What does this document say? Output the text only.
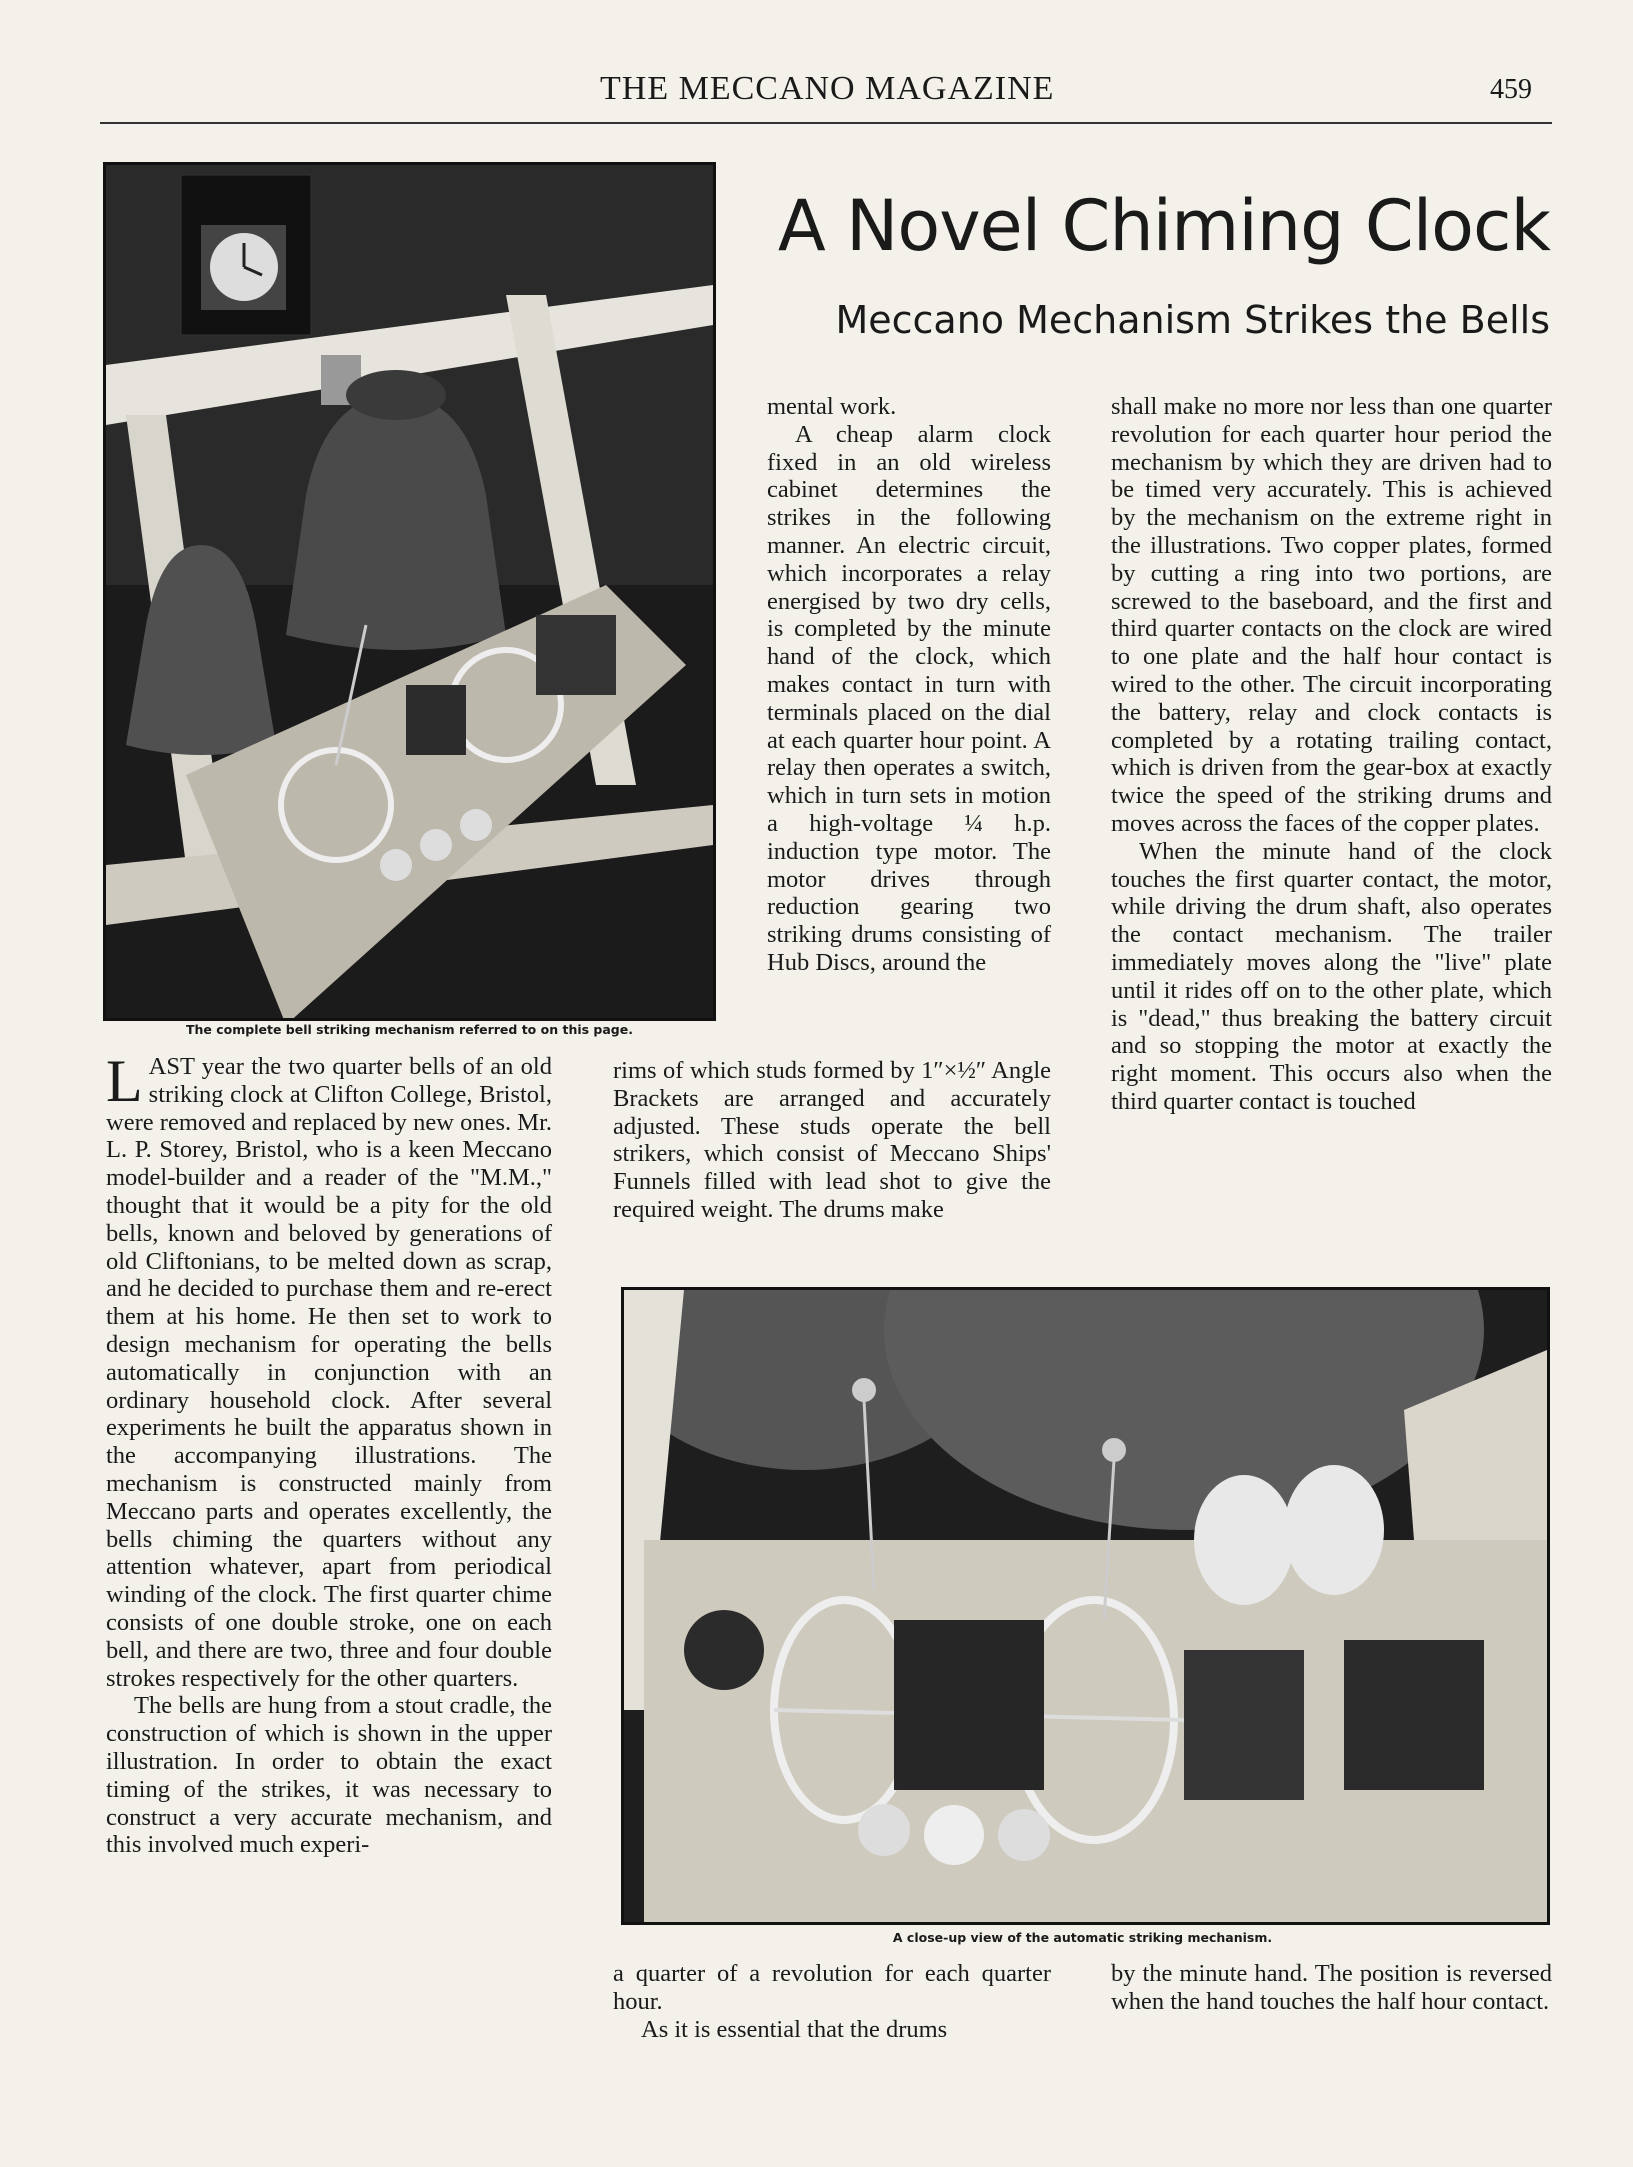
THE MECCANO MAGAZINE	459
A Novel Chiming Clock
Meccano Mechanism Strikes the Bells
The complete bell striking mechanism referred to on this page.

LAST year the two quarter bells of an old striking clock at Clifton College, Bristol, were removed and replaced by new ones. Mr. L. P. Storey, Bristol, who is a keen Meccano model-builder and a reader of the "M.M.," thought that it would be a pity for the old bells, known and beloved by generations of old Cliftonians, to be melted down as scrap, and he decided to purchase them and re-erect them at his home. He then set to work to design mechanism for operating the bells automatically in conjunction with an ordinary household clock. After several experiments he built the apparatus shown in the accompanying illustrations. The mechanism is constructed mainly from Meccano parts and operates excellently, the bells chiming the quarters without any attention whatever, apart from periodical winding of the clock. The first quarter chime consists of one double stroke, one on each bell, and there are two, three and four double strokes respectively for the other quarters.

The bells are hung from a stout cradle, the construction of which is shown in the upper illustration. In order to obtain the exact timing of the strikes, it was necessary to construct a very accurate mechanism, and this involved much experi-

mental work.

A cheap alarm clock fixed in an old wireless cabinet determines the strikes in the following manner. An electric circuit, which incorporates a relay energised by two dry cells, is completed by the minute hand of the clock, which makes contact in turn with terminals placed on the dial at each quarter hour point. A relay then operates a switch, which in turn sets in motion a high-voltage ¼ h.p. induction type motor. The motor drives through reduction gearing two striking drums consisting of Hub Discs, around the

rims of which studs formed by 1″×½″ Angle Brackets are arranged and accurately adjusted. These studs operate the bell strikers, which consist of Meccano Ships' Funnels filled with lead shot to give the required weight. The drums make

shall make no more nor less than one quarter revolution for each quarter hour period the mechanism by which they are driven had to be timed very accurately. This is achieved by the mechanism on the extreme right in the illustrations. Two copper plates, formed by cutting a ring into two portions, are screwed to the baseboard, and the first and third quarter contacts on the clock are wired to one plate and the half hour contact is wired to the other. The circuit incorporating the battery, relay and clock contacts is completed by a rotating trailing contact, which is driven from the gear-box at exactly twice the speed of the striking drums and moves across the faces of the copper plates.

When the minute hand of the clock touches the first quarter contact, the motor, while driving the drum shaft, also operates the contact mechanism. The trailer immediately moves along the "live" plate until it rides off on to the other plate, which is "dead," thus breaking the battery circuit and so stopping the motor at exactly the right moment. This occurs also when the third quarter contact is touched

A close-up view of the automatic striking mechanism.

a quarter of a revolution for each quarter hour.

As it is essential that the drums

by the minute hand. The position is reversed when the hand touches the half hour contact.
